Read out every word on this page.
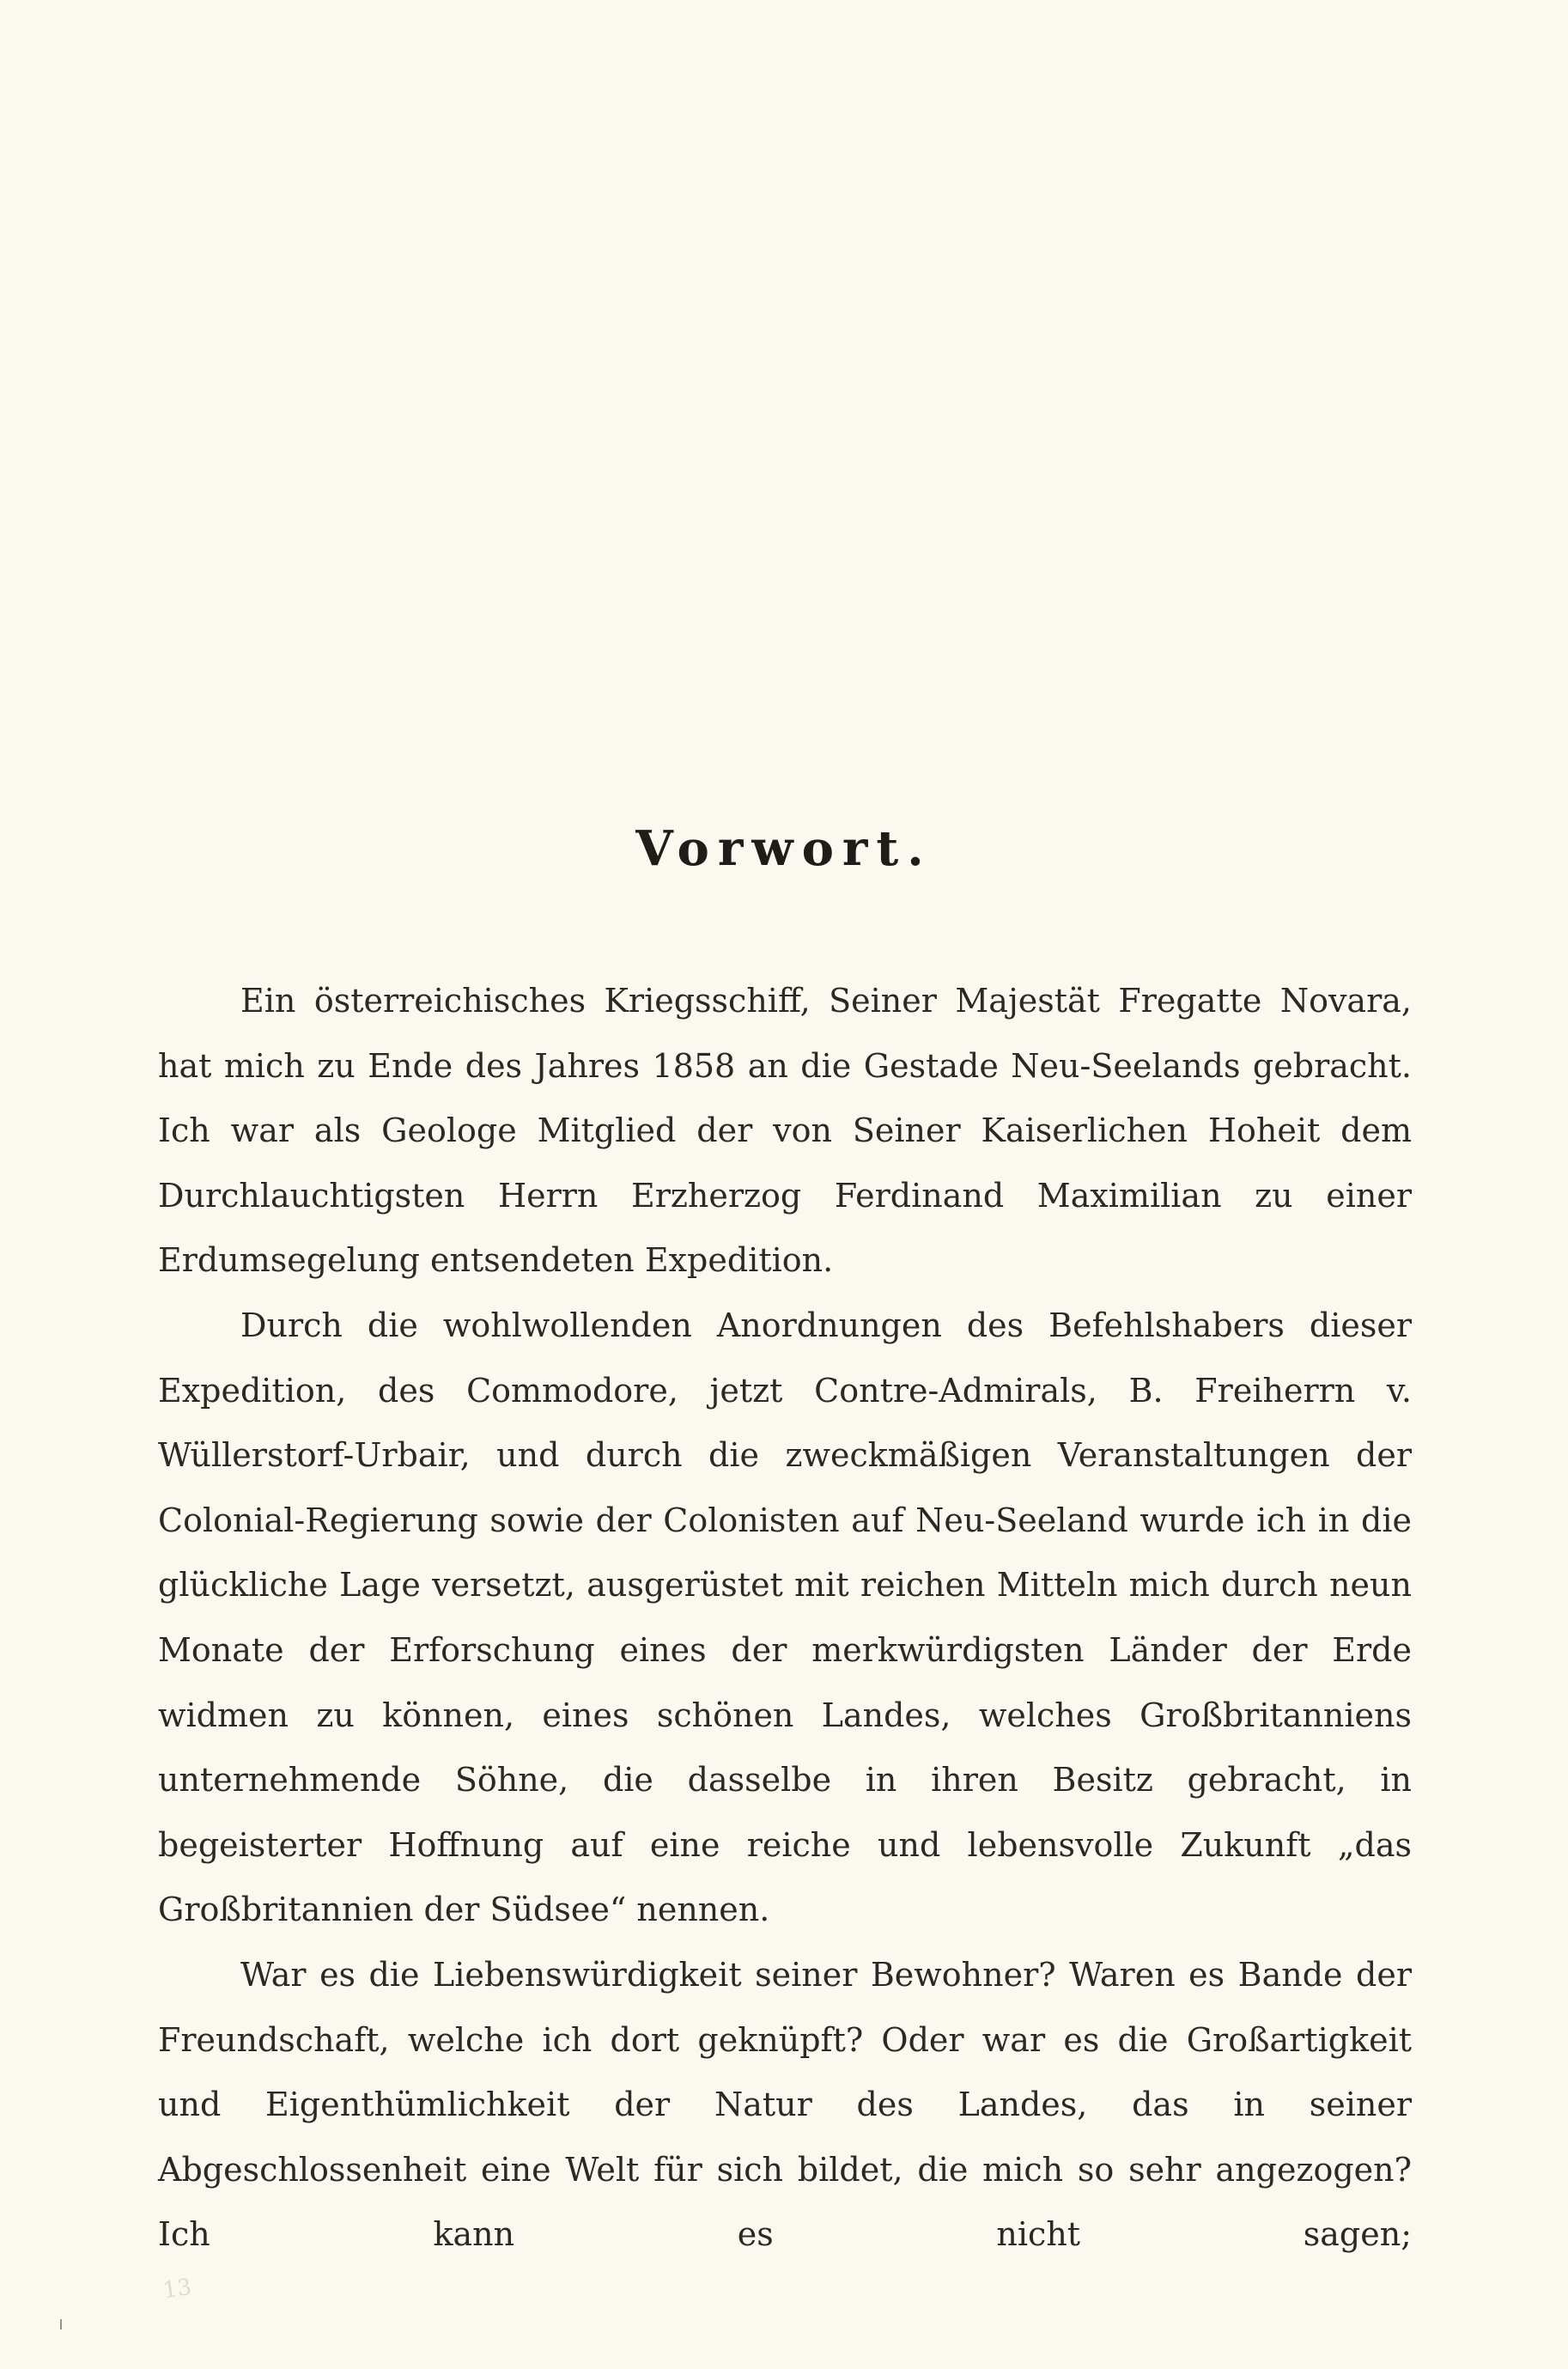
Vorwort.

Ein österreichisches Kriegsschiff, Seiner Majestät Fregatte Novara, hat mich zu Ende des Jahres 1858 an die Gestade Neu-Seelands gebracht. Ich war als Geologe Mitglied der von Seiner Kaiserlichen Hoheit dem Durchlauchtigsten Herrn Erzherzog Ferdinand Maximilian zu einer Erdumsegelung entsendeten Expedition.

Durch die wohlwollenden Anordnungen des Befehlshabers dieser Expedition, des Commodore, jetzt Contre-Admirals, B. Freiherrn v. Wüllerstorf-Urbair, und durch die zweckmäßigen Veranstaltungen der Colonial-Regierung sowie der Colonisten auf Neu-Seeland wurde ich in die glückliche Lage versetzt, ausgerüstet mit reichen Mitteln mich durch neun Monate der Erforschung eines der merkwürdigsten Länder der Erde widmen zu können, eines schönen Landes, welches Großbritanniens unternehmende Söhne, die dasselbe in ihren Besitz gebracht, in begeisterter Hoffnung auf eine reiche und lebensvolle Zukunft „das Großbritannien der Südsee“ nennen.

War es die Liebenswürdigkeit seiner Bewohner? Waren es Bande der Freundschaft, welche ich dort geknüpft? Oder war es die Großartigkeit und Eigenthümlichkeit der Natur des Landes, das in seiner Abgeschlossenheit eine Welt für sich bildet, die mich so sehr angezogen? Ich kann es nicht sagen;

13
